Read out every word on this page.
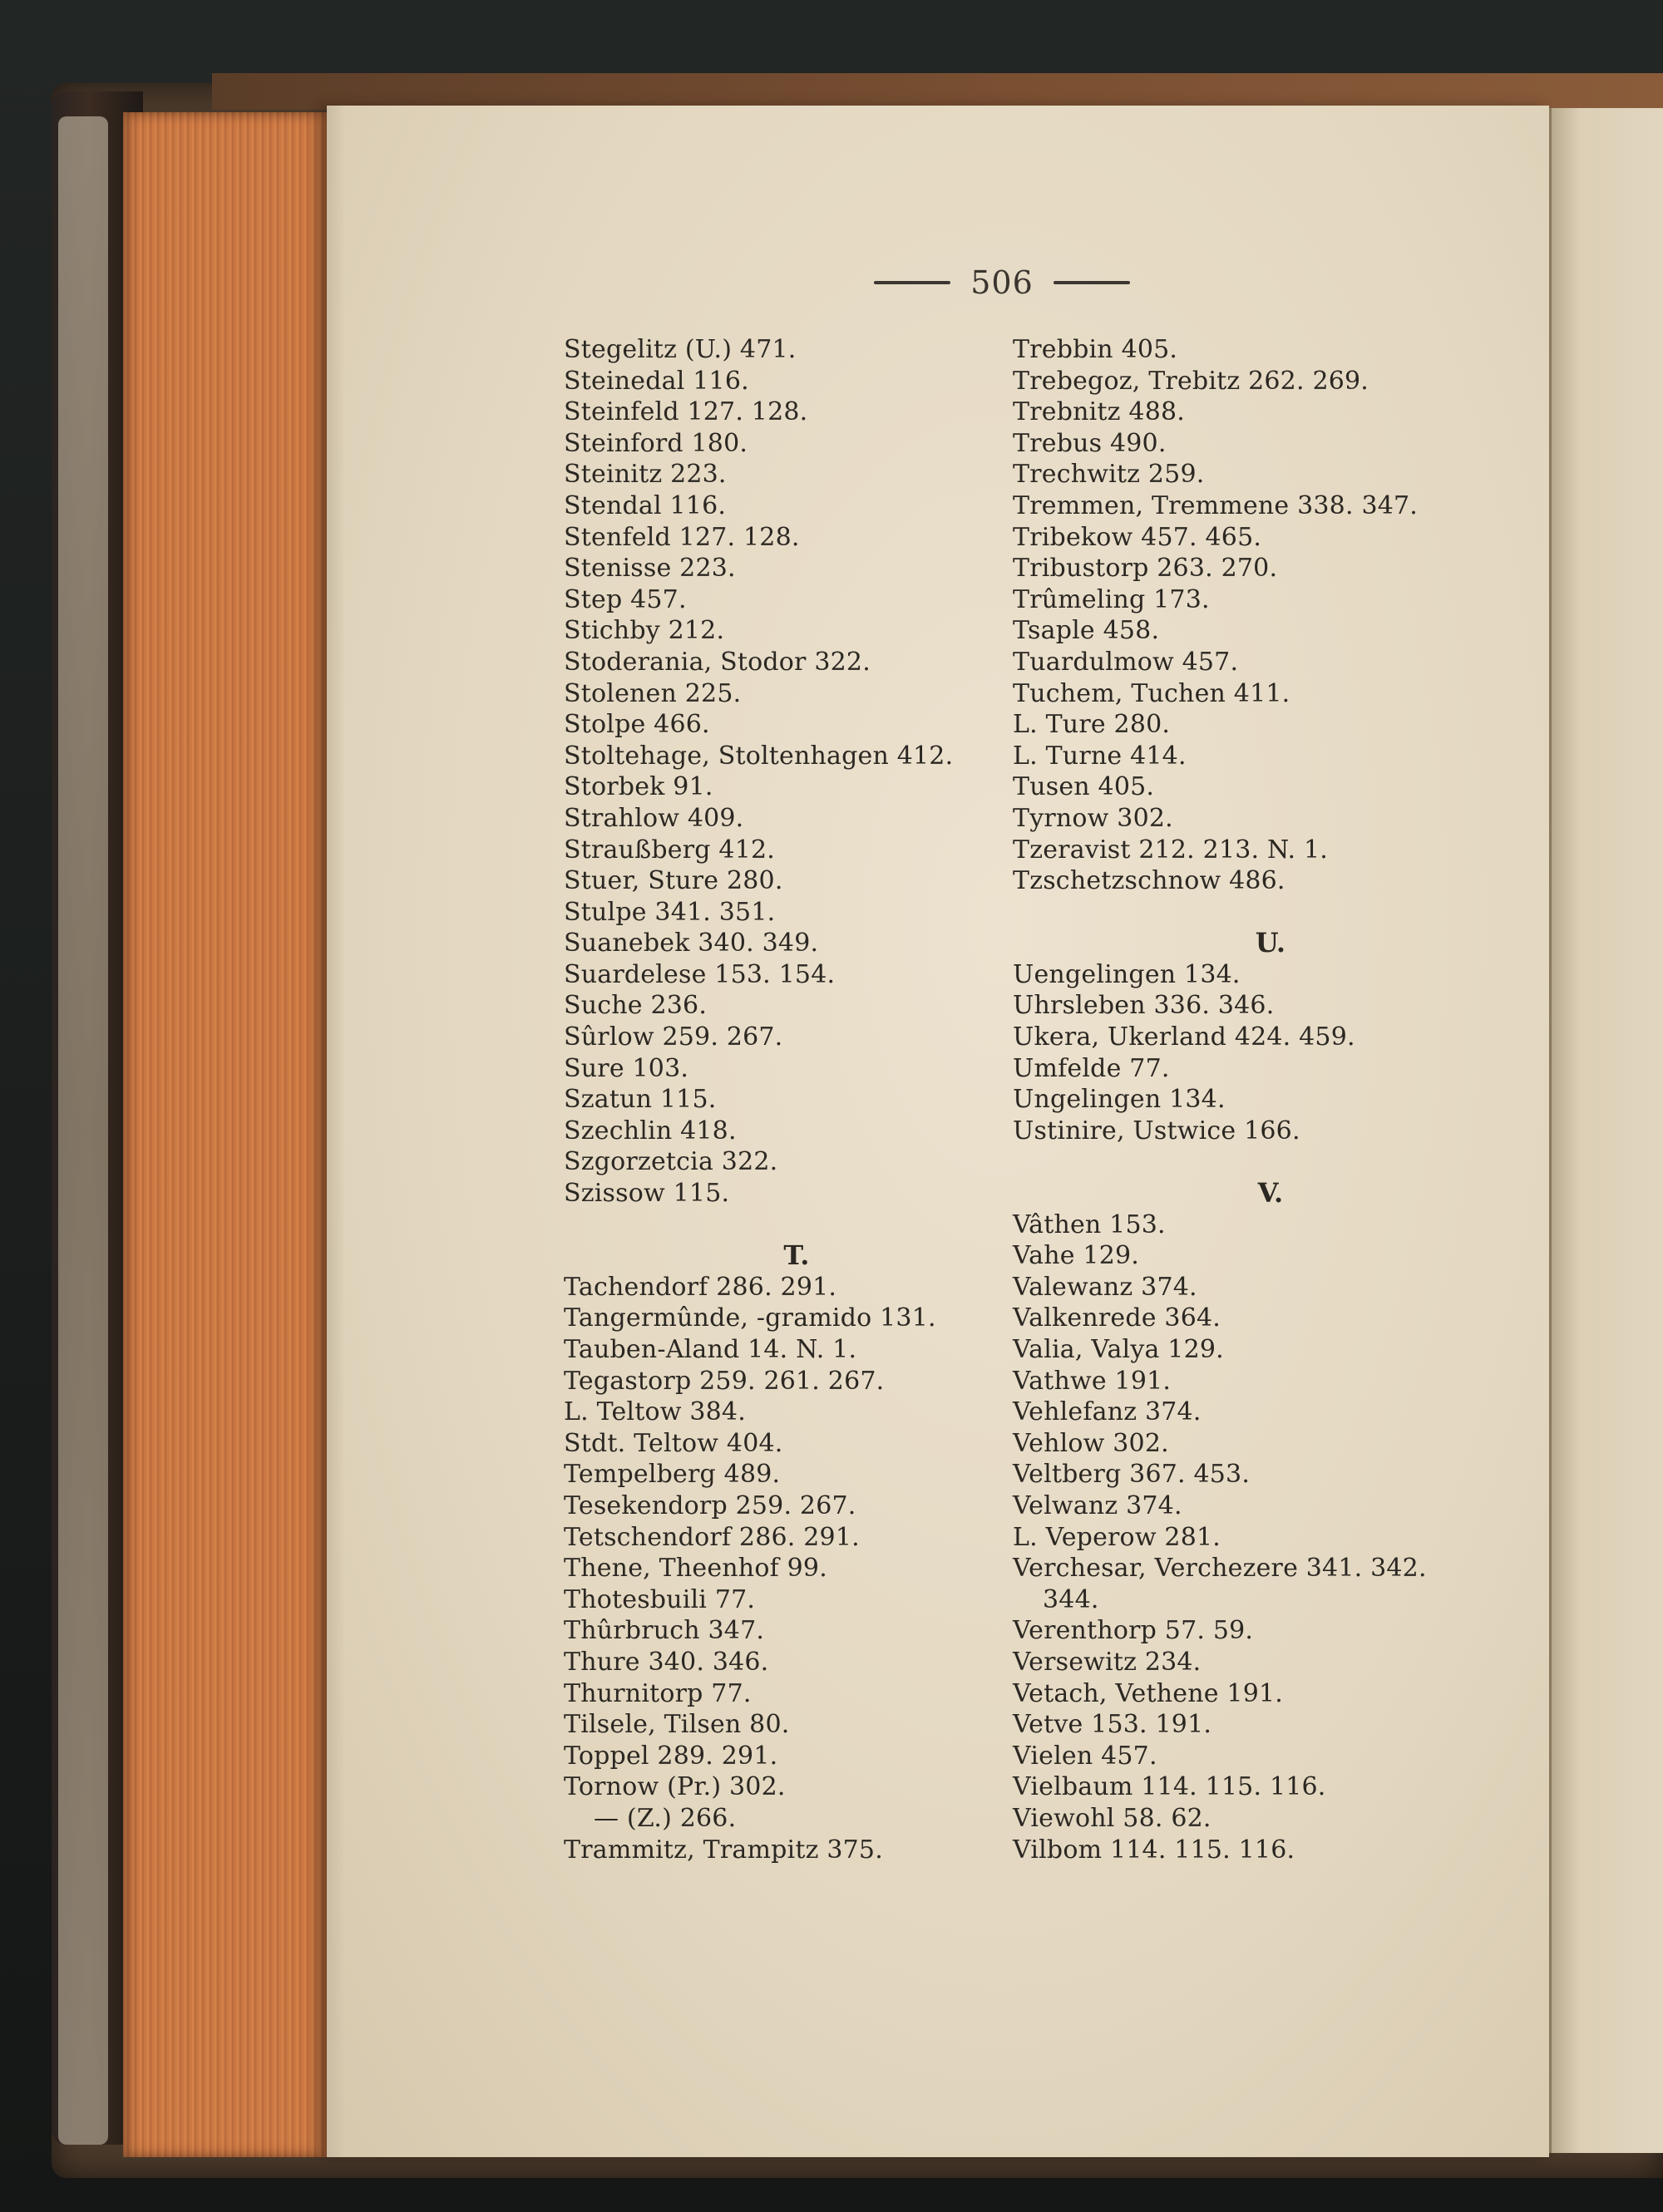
506
Stegelitz (U.) 471.
Steinedal 116.
Steinfeld 127. 128.
Steinford 180.
Steinitz 223.
Stendal 116.
Stenfeld 127. 128.
Stenisse 223.
Step 457.
Stichby 212.
Stoderania, Stodor 322.
Stolenen 225.
Stolpe 466.
Stoltehage, Stoltenhagen 412.
Storbek 91.
Strahlow 409.
Straußberg 412.
Stuer, Sture 280.
Stulpe 341. 351.
Suanebek 340. 349.
Suardelese 153. 154.
Suche 236.
Sûrlow 259. 267.
Sure 103.
Szatun 115.
Szechlin 418.
Szgorzetcia 322.
Szissow 115.
T.
Tachendorf 286. 291.
Tangermûnde, -gramido 131.
Tauben-Aland 14. N. 1.
Tegastorp 259. 261. 267.
L. Teltow 384.
Stdt. Teltow 404.
Tempelberg 489.
Tesekendorp 259. 267.
Tetschendorf 286. 291.
Thene, Theenhof 99.
Thotesbuili 77.
Thûrbruch 347.
Thure 340. 346.
Thurnitorp 77.
Tilsele, Tilsen 80.
Toppel 289. 291.
Tornow (Pr.) 302.
— (Z.) 266.
Trammitz, Trampitz 375.
Trebbin 405.
Trebegoz, Trebitz 262. 269.
Trebnitz 488.
Trebus 490.
Trechwitz 259.
Tremmen, Tremmene 338. 347.
Tribekow 457. 465.
Tribustorp 263. 270.
Trûmeling 173.
Tsaple 458.
Tuardulmow 457.
Tuchem, Tuchen 411.
L. Ture 280.
L. Turne 414.
Tusen 405.
Tyrnow 302.
Tzeravist 212. 213. N. 1.
Tzschetzschnow 486.
U.
Uengelingen 134.
Uhrsleben 336. 346.
Ukera, Ukerland 424. 459.
Umfelde 77.
Ungelingen 134.
Ustinire, Ustwice 166.
V.
Vâthen 153.
Vahe 129.
Valewanz 374.
Valkenrede 364.
Valia, Valya 129.
Vathwe 191.
Vehlefanz 374.
Vehlow 302.
Veltberg 367. 453.
Velwanz 374.
L. Veperow 281.
Verchesar, Verchezere 341. 342.
344.
Verenthorp 57. 59.
Versewitz 234.
Vetach, Vethene 191.
Vetve 153. 191.
Vielen 457.
Vielbaum 114. 115. 116.
Viewohl 58. 62.
Vilbom 114. 115. 116.
